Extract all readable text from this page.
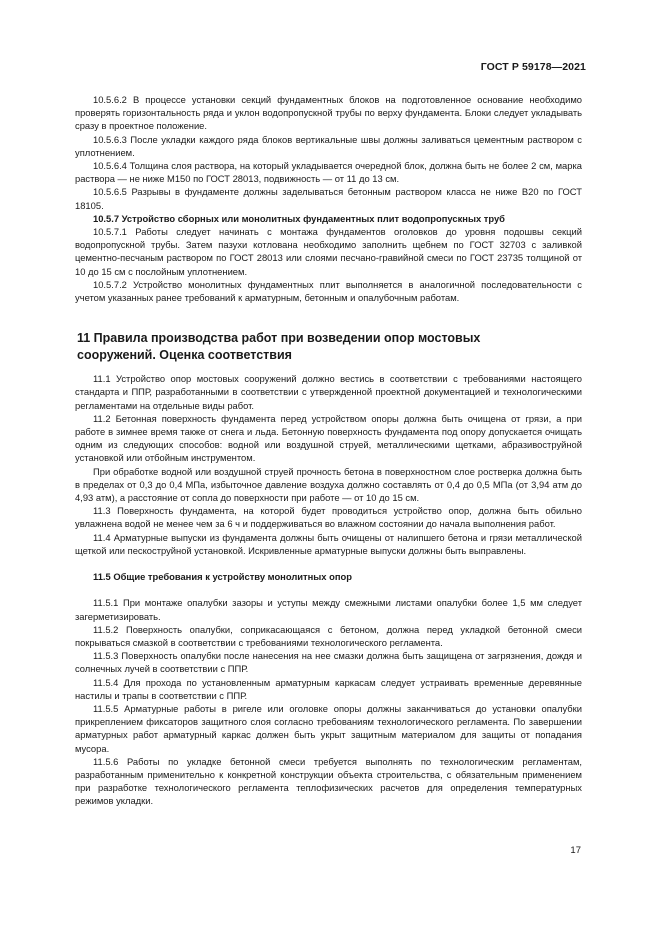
ГОСТ Р 59178—2021

10.5.6.2 В процессе установки секций фундаментных блоков на подготовленное основание необходимо проверять горизонтальность ряда и уклон водопропускной трубы по верху фундамента. Блоки следует укладывать сразу в проектное положение.

10.5.6.3 После укладки каждого ряда блоков вертикальные швы должны заливаться цементным раствором с уплотнением.

10.5.6.4 Толщина слоя раствора, на который укладывается очередной блок, должна быть не более 2 см, марка раствора — не ниже М150 по ГОСТ 28013, подвижность — от 11 до 13 см.

10.5.6.5 Разрывы в фундаменте должны заделываться бетонным раствором класса не ниже В20 по ГОСТ 18105.

10.5.7 Устройство сборных или монолитных фундаментных плит водопропускных труб

10.5.7.1 Работы следует начинать с монтажа фундаментов оголовков до уровня подошвы секций водопропускной трубы. Затем пазухи котлована необходимо заполнить щебнем по ГОСТ 32703 с заливкой цементно-песчаным раствором по ГОСТ 28013 или слоями песчано-гравийной смеси по ГОСТ 23735 толщиной от 10 до 15 см с послойным уплотнением.

10.5.7.2 Устройство монолитных фундаментных плит выполняется в аналогичной последовательности с учетом указанных ранее требований к арматурным, бетонным и опалубочным работам.

11 Правила производства работ при возведении опор мостовых
сооружений. Оценка соответствия

11.1 Устройство опор мостовых сооружений должно вестись в соответствии с требованиями настоящего стандарта и ППР, разработанными в соответствии с утвержденной проектной документацией и технологическими регламентами на отдельные виды работ.

11.2 Бетонная поверхность фундамента перед устройством опоры должна быть очищена от грязи, а при работе в зимнее время также от снега и льда. Бетонную поверхность фундамента под опору допускается очищать одним из следующих способов: водной или воздушной струей, металлическими щетками, абразивоструйной установкой или отбойным инструментом.

При обработке водной или воздушной струей прочность бетона в поверхностном слое ростверка должна быть в пределах от 0,3 до 0,4 МПа, избыточное давление воздуха должно составлять от 0,4 до 0,5 МПа (от 3,94 атм до 4,93 атм), а расстояние от сопла до поверхности при работе — от 10 до 15 см.

11.3 Поверхность фундамента, на которой будет проводиться устройство опор, должна быть обильно увлажнена водой не менее чем за 6 ч и поддерживаться во влажном состоянии до начала выполнения работ.

11.4 Арматурные выпуски из фундамента должны быть очищены от налипшего бетона и грязи металлической щеткой или пескоструйной установкой. Искривленные арматурные выпуски должны быть выправлены.

11.5 Общие требования к устройству монолитных опор

11.5.1 При монтаже опалубки зазоры и уступы между смежными листами опалубки более 1,5 мм следует загерметизировать.

11.5.2 Поверхность опалубки, соприкасающаяся с бетоном, должна перед укладкой бетонной смеси покрываться смазкой в соответствии с требованиями технологического регламента.

11.5.3 Поверхность опалубки после нанесения на нее смазки должна быть защищена от загрязнения, дождя и солнечных лучей в соответствии с ППР.

11.5.4 Для прохода по установленным арматурным каркасам следует устраивать временные деревянные настилы и трапы в соответствии с ППР.

11.5.5 Арматурные работы в ригеле или оголовке опоры должны заканчиваться до установки опалубки прикреплением фиксаторов защитного слоя согласно требованиям технологического регламента. По завершении арматурных работ арматурный каркас должен быть укрыт защитным материалом для защиты от попадания мусора.

11.5.6 Работы по укладке бетонной смеси требуется выполнять по технологическим регламентам, разработанным применительно к конкретной конструкции объекта строительства, с обязательным применением при разработке технологического регламента теплофизических расчетов для определения температурных режимов укладки.

17
